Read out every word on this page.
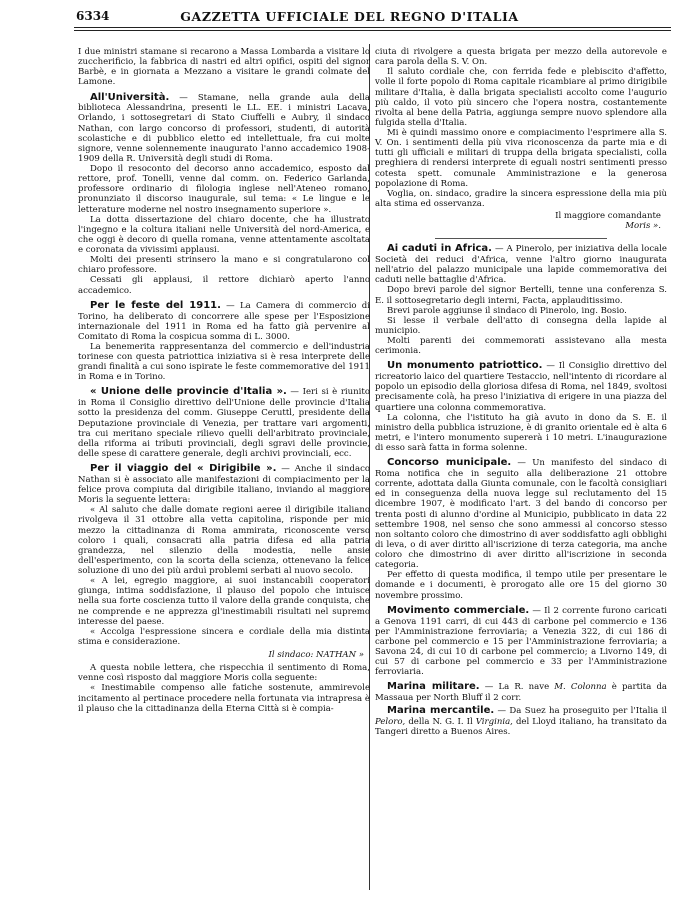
6334	GAZZETTA UFFICIALE DEL REGNO D'ITALIA

I due ministri stamane si recarono a Massa Lombarda a visitare lo zuccherificio, la fabbrica di nastri ed altri opifici, ospiti del signor Barbè, e in giornata a Mezzano a visitare le grandi colmate del Lamone.

All'Università. — Stamane, nella grande aula della biblioteca Alessandrina, presenti le LL. EE. i ministri Lacava, Orlando, i sottosegretari di Stato Ciuffelli e Aubry, il sindaco Nathan, con largo concorso di professori, studenti, di autorità scolastiche e di pubblico eletto ed intellettuale, fra cui molte signore, venne solennemente inaugurato l'anno accademico 1908-1909 della R. Università degli studi di Roma.

Dopo il resoconto del decorso anno accademico, esposto dal rettore, prof. Tonelli, venne dal comm. on. Federico Garlanda, professore ordinario di filologia inglese nell'Ateneo romano, pronunziato il discorso inaugurale, sul tema: « Le lingue e le letterature moderne nel nostro insegnamento superiore ».

La dotta dissertazione del chiaro docente, che ha illustrato l'ingegno e la coltura italiani nelle Università del nord-America, e che oggi è decoro di quella romana, venne attentamente ascoltata e coronata da vivissimi applausi.

Molti dei presenti strinsero la mano e si congratularono col chiaro professore.

Cessati gli applausi, il rettore dichiarò aperto l'anno accademico.

Per le feste del 1911. — La Camera di commercio di Torino, ha deliberato di concorrere alle spese per l'Esposizione internazionale del 1911 in Roma ed ha fatto già pervenire al Comitato di Roma la cospicua somma di L. 3000.

La benemerita rappresentanza del commercio e dell'industria torinese con questa patriottica iniziativa si è resa interprete delle grandi finalità a cui sono ispirate le feste commemorative del 1911 in Roma e in Torino.

« Unione delle provincie d'Italia ». — Ieri si è riunito in Roma il Consiglio direttivo dell'Unione delle provincie d'Italia sotto la presidenza del comm. Giuseppe Ceruttl, presidente della Deputazione provinciale di Venezia, per trattare vari argomenti, tra cui meritano speciale rilievo quelli dell'arbitrato provinciale, della riforma ai tributi provinciali, degli sgravi delle provincie, delle spese di carattere generale, degli archivi provinciali, ecc.

Per il viaggio del « Dirigibile ». — Anche il sindaco Nathan si è associato alle manifestazioni di compiacimento per la felice prova compiuta dal dirigibile italiano, inviando al maggiore Moris la seguente lettera:

« Al saluto che dalle domate regioni aeree il dirigibile italiano rivolgeva il 31 ottobre alla vetta capitolina, risponde per mio mezzo la cittadinanza di Roma ammirata, riconoscente verso coloro i quali, consacrati alla patria difesa ed alla patria grandezza, nel silenzio della modestia, nelle ansie dell'esperimento, con la scorta della scienza, ottenevano la felice soluzione di uno dei più arduì problemi serbati al nuovo secolo.

« A lei, egregio maggiore, ai suoi instancabili cooperatori giunga, intima soddisfazione, il plauso del popolo che intuisce nella sua forte coscienza tutto il valore della grande conquista, che ne comprende e ne apprezza gl'inestimabili risultati nel supremo interesse del paese.

« Accolga l'espressione sincera e cordiale della mia distinta stima e considerazione.

Il sindaco: NATHAN »

A questa nobile lettera, che rispecchia il sentimento di Roma, venne così risposto dal maggiore Moris colla seguente:

« Inestimabile compenso alle fatiche sostenute, ammirevole incitamento al pertinace procedere nella fortunata via intrapresa è il plauso che la cittadinanza della Eterna Città si è compia-

ciuta di rivolgere a questa brigata per mezzo della autorevole e cara parola della S. V. On.

Il saluto cordiale che, con ferrida fede e plebiscito d'affetto, volle il forte popolo di Roma capitale ricambiare al primo dirigibile militare d'Italia, è dalla brigata specialisti accolto come l'augurio più caldo, il voto più sincero che l'opera nostra, costantemente rivolta al bene della Patria, aggiunga sempre nuovo splendore alla fulgida stella d'Italia.

Mi è quindi massimo onore e compiacimento l'esprimere alla S. V. On. i sentimenti della più viva riconoscenza da parte mia e di tutti gli ufficiali e militari di truppa della brigata specialisti, colla preghiera di rendersi interprete di eguali nostri sentimenti presso cotesta spett. comunale Amministrazione e la generosa popolazione di Roma.

Voglia, on. sindaco, gradire la sincera espressione della mia più alta stima ed osservanza.

Il maggiore comandante

Moris ».

Ai caduti in Africa. — A Pinerolo, per iniziativa della locale Società dei reduci d'Africa, venne l'altro giorno inaugurata nell'atrio del palazzo municipale una lapide commemorativa dei caduti nelle battaglie d'Africa.

Dopo brevi parole del signor Bertelli, tenne una conferenza S. E. il sottosegretario degli interni, Facta, applauditissimo.

Brevi parole aggiunse il sindaco di Pinerolo, ing. Bosio.

Si lesse il verbale dell'atto di consegna della lapide al municipio.

Molti parenti dei commemorati assistevano alla mesta cerimonia.

Un monumento patriottico. — Il Consiglio direttivo del ricreatorio laico del quartiere Testaccio, nell'intento di ricordare al popolo un episodio della gloriosa difesa di Roma, nel 1849, svoltosi precisamente colà, ha preso l'iniziativa di erigere in una piazza del quartiere una colonna commemorativa.

La colonna, che l'istituto ha già avuto in dono da S. E. il ministro della pubblica istruzione, è di granito orientale ed è alta 6 metri, e l'intero monumento supererà i 10 metri. L'inaugurazione di esso sarà fatta in forma solenne.

Concorso municipale. — Un manifesto del sindaco di Roma notifica che in seguito alla deliberazione 21 ottobre corrente, adottata dalla Giunta comunale, con le facoltà consigliari ed in conseguenza della nuova legge sul reclutamento del 15 dicembre 1907, è modificato l'art. 3 del bando di concorso per trenta posti di alunno d'ordine al Municipio, pubblicato in data 22 settembre 1908, nel senso che sono ammessi al concorso stesso non soltanto coloro che dimostrino di aver soddisfatto agli obblighi di leva, o di aver diritto all'iscrizione di terza categoria, ma anche coloro che dimostrino di aver diritto all'iscrizione in seconda categoria.

Per effetto di questa modifica, il tempo utile per presentare le domande e i documenti, è prorogato alle ore 15 del giorno 30 novembre prossimo.

Movimento commerciale. — Il 2 corrente furono caricati a Genova 1191 carri, di cui 443 di carbone pel commercio e 136 per l'Amministrazione ferroviaria; a Venezia 322, di cui 186 di carbone pel commercio e 15 per l'Amministrazione ferroviaria; a Savona 24, di cui 10 di carbone pel commercio; a Livorno 149, di cui 57 di carbone pel commercio e 33 per l'Amministrazione ferroviaria.

Marina militare. — La R. nave M. Colonna è partita da Massaua per North Bluff il 2 corr.

Marina mercantile. — Da Suez ha proseguito per l'Italia il Peloro, della N. G. I. Il Virginia, del Lloyd italiano, ha transitato da Tangeri diretto a Buenos Aires.
